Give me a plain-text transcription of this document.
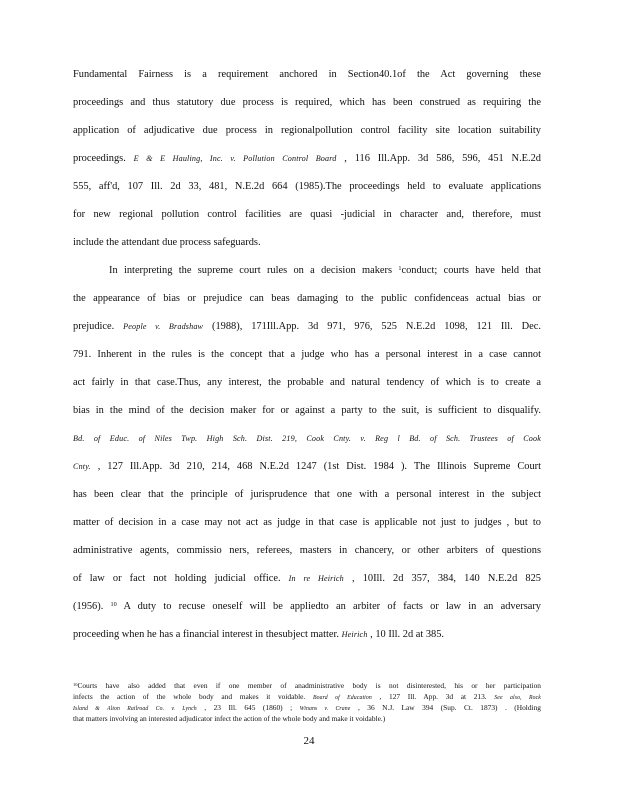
Fundamental Fairness is a requirement anchored in Section40.1of the Act governing these
proceedings and thus statutory due process is required, which has been construed as requiring the
application of adjudicative due process in regionalpollution control facility site location suitability
proceedings. E & E Hauling, Inc. v. Pollution Control Board , 116 Ill.App. 3d 586, 596, 451 N.E.2d
555, aff'd, 107 Ill. 2d 33, 481, N.E.2d 664 (1985).The proceedings held to evaluate applications
for new regional pollution control facilities are quasi -judicial in character and, therefore, must
include the attendant due process safeguards.
In interpreting the supreme court rules on a decision makers $^1$conduct; courts have held that
the appearance of bias or prejudice can beas damaging to the public confidenceas actual bias or
prejudice. People v. Bradshaw (1988), 171Ill.App. 3d 971, 976, 525 N.E.2d 1098, 121 Ill. Dec.
791. Inherent in the rules is the concept that a judge who has a personal interest in a case cannot
act fairly in that case.Thus, any interest, the probable and natural tendency of which is to create a
bias in the mind of the decision maker for or against a party to the suit, is sufficient to disqualify.
Bd. of Educ. of Niles Twp. High Sch. Dist. 219, Cook Cnty. v. Reg l Bd. of Sch. Trustees of Cook
Cnty. , 127 Ill.App. 3d 210, 214, 468 N.E.2d 1247 (1st Dist. 1984 ). The Illinois Supreme Court
has been clear that the principle of jurisprudence that one with a personal interest in the subject
matter of decision in a case may not act as judge in that case is applicable not just to judges , but to
administrative agents, commissio ners, referees, masters in chancery, or other arbiters of questions
of law or fact not holding judicial office. In re Heirich , 10Ill. 2d 357, 384, 140 N.E.2d 825
(1956). $^{10}$ A duty to recuse oneself will be appliedto an arbiter of facts or law in an adversary
proceeding when he has a financial interest in thesubject matter. Heirich , 10 Ill. 2d at 385.
$^{10}$Courts have also added that even if one member of anadministrative body is not disinterested, his or her participation
infects the action of the whole body and makes it voidable. Board of Education , 127 Ill. App. 3d at 213. See also, Rock
Island & Alton Railroad Co. v. Lynch , 23 Ill. 645 (1860) ; Winans v. Crane , 36 N.J. Law 394 (Sup. Ct. 1873) . (Holding
that matters involving an interested adjudicator infect the action of the whole body and make it voidable.)
24
